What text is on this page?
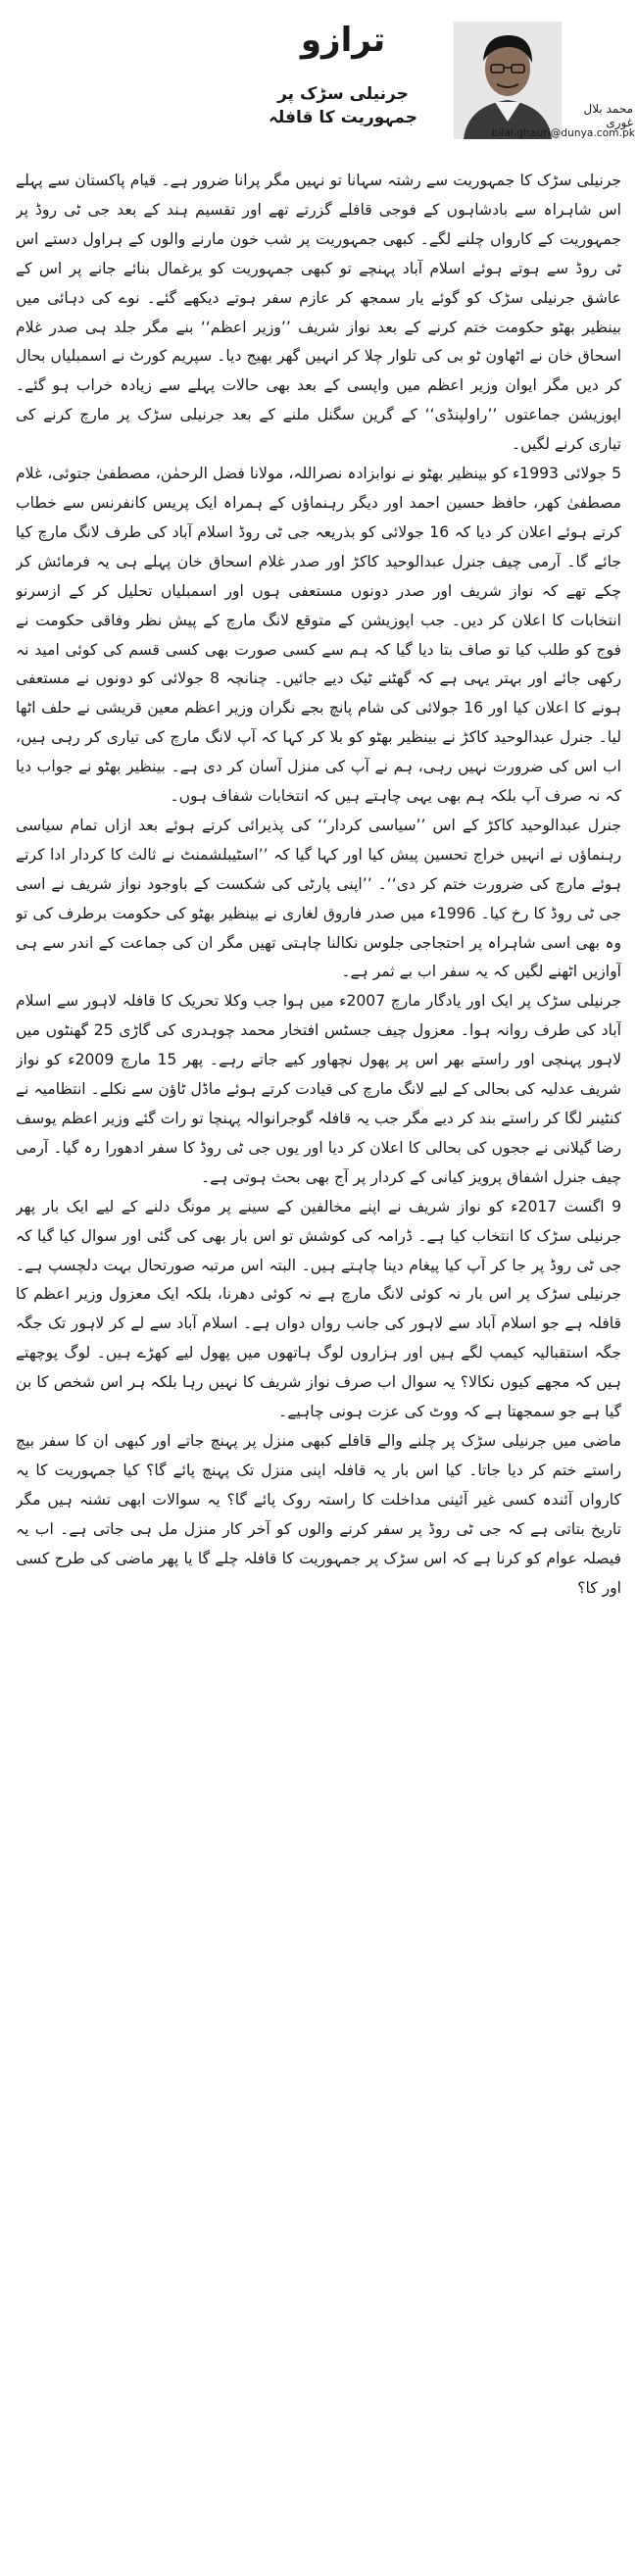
ترازو
جرنیلی سڑک پر جمہوریت کا قافلہ	محمد بلال غوری
bilal.ghauri@dunya.com.pk

جرنیلی سڑک کا جمہوریت سے رشتہ سہانا تو نہیں مگر پرانا ضرور ہے۔ قیام پاکستان سے پہلے اس شاہراہ سے بادشاہوں کے فوجی قافلے گزرتے تھے اور تقسیم ہند کے بعد جی ٹی روڈ پر جمہوریت کے کارواں چلنے لگے۔ کبھی جمہوریت پر شب خون مارنے والوں کے ہراول دستے اس ٹی روڈ سے ہوتے ہوئے اسلام آباد پہنچے تو کبھی جمہوریت کو یرغمال بنائے جانے پر اس کے عاشق جرنیلی سڑک کو گوئے یار سمجھ کر عازم سفر ہوتے دیکھے گئے۔ نوے کی دہائی میں بینظیر بھٹو حکومت ختم کرنے کے بعد نواز شریف ’’وزیر اعظم‘‘ بنے مگر جلد ہی صدر غلام اسحاق خان نے اٹھاون ٹو بی کی تلوار چلا کر انہیں گھر بھیج دیا۔ سپریم کورٹ نے اسمبلیاں بحال کر دیں مگر ایوان وزیر اعظم میں واپسی کے بعد بھی حالات پہلے سے زیادہ خراب ہو گئے۔ اپوزیشن جماعتوں ’’راولپنڈی‘‘ کے گرین سگنل ملنے کے بعد جرنیلی سڑک پر مارچ کرنے کی تیاری کرنے لگیں۔

5 جولائی 1993ء کو بینظیر بھٹو نے نوابزادہ نصراللہ، مولانا فضل الرحمٰن، مصطفیٰ جتوئی، غلام مصطفیٰ کھر، حافظ حسین احمد اور دیگر رہنماؤں کے ہمراہ ایک پریس کانفرنس سے خطاب کرتے ہوئے اعلان کر دیا کہ 16 جولائی کو بذریعہ جی ٹی روڈ اسلام آباد کی طرف لانگ مارچ کیا جائے گا۔ آرمی چیف جنرل عبدالوحید کاکڑ اور صدر غلام اسحاق خان پہلے ہی یہ فرمائش کر چکے تھے کہ نواز شریف اور صدر دونوں مستعفی ہوں اور اسمبلیاں تحلیل کر کے ازسرنو انتخابات کا اعلان کر دیں۔ جب اپوزیشن کے متوقع لانگ مارچ کے پیش نظر وفاقی حکومت نے فوج کو طلب کیا تو صاف بتا دیا گیا کہ ہم سے کسی صورت بھی کسی قسم کی کوئی امید نہ رکھی جائے اور بہتر یہی ہے کہ گھٹنے ٹیک دیے جائیں۔ چنانچہ 8 جولائی کو دونوں نے مستعفی ہونے کا اعلان کیا اور 16 جولائی کی شام پانچ بجے نگران وزیر اعظم معین قریشی نے حلف اٹھا لیا۔ جنرل عبدالوحید کاکڑ نے بینظیر بھٹو کو بلا کر کہا کہ آپ لانگ مارچ کی تیاری کر رہی ہیں، اب اس کی ضرورت نہیں رہی، ہم نے آپ کی منزل آسان کر دی ہے۔ بینظیر بھٹو نے جواب دیا کہ نہ صرف آپ بلکہ ہم بھی یہی چاہتے ہیں کہ انتخابات شفاف ہوں۔

جنرل عبدالوحید کاکڑ کے اس ’’سیاسی کردار‘‘ کی پذیرائی کرتے ہوئے بعد ازاں تمام سیاسی رہنماؤں نے انہیں خراج تحسین پیش کیا اور کہا گیا کہ ’’اسٹیبلشمنٹ نے ثالث کا کردار ادا کرتے ہوئے مارچ کی ضرورت ختم کر دی‘‘۔ ’’اپنی پارٹی کی شکست کے باوجود نواز شریف نے اسی جی ٹی روڈ کا رخ کیا۔ 1996ء میں صدر فاروق لغاری نے بینظیر بھٹو کی حکومت برطرف کی تو وہ بھی اسی شاہراہ پر احتجاجی جلوس نکالنا چاہتی تھیں مگر ان کی جماعت کے اندر سے ہی آوازیں اٹھنے لگیں کہ یہ سفر اب بے ثمر ہے۔

جرنیلی سڑک پر ایک اور یادگار مارچ 2007ء میں ہوا جب وکلا تحریک کا قافلہ لاہور سے اسلام آباد کی طرف روانہ ہوا۔ معزول چیف جسٹس افتخار محمد چوہدری کی گاڑی 25 گھنٹوں میں لاہور پہنچی اور راستے بھر اس پر پھول نچھاور کیے جاتے رہے۔ پھر 15 مارچ 2009ء کو نواز شریف عدلیہ کی بحالی کے لیے لانگ مارچ کی قیادت کرتے ہوئے ماڈل ٹاؤن سے نکلے۔ انتظامیہ نے کنٹینر لگا کر راستے بند کر دیے مگر جب یہ قافلہ گوجرانوالہ پہنچا تو رات گئے وزیر اعظم یوسف رضا گیلانی نے ججوں کی بحالی کا اعلان کر دیا اور یوں جی ٹی روڈ کا سفر ادھورا رہ گیا۔ آرمی چیف جنرل اشفاق پرویز کیانی کے کردار پر آج بھی بحث ہوتی ہے۔

9 اگست 2017ء کو نواز شریف نے اپنے مخالفین کے سینے پر مونگ دلنے کے لیے ایک بار پھر جرنیلی سڑک کا انتخاب کیا ہے۔ ڈرامہ کی کوشش تو اس بار بھی کی گئی اور سوال کیا گیا کہ جی ٹی روڈ پر جا کر آپ کیا پیغام دینا چاہتے ہیں۔ البتہ اس مرتبہ صورتحال بہت دلچسپ ہے۔ جرنیلی سڑک پر اس بار نہ کوئی لانگ مارچ ہے نہ کوئی دھرنا، بلکہ ایک معزول وزیر اعظم کا قافلہ ہے جو اسلام آباد سے لاہور کی جانب رواں دواں ہے۔ اسلام آباد سے لے کر لاہور تک جگہ جگہ استقبالیہ کیمپ لگے ہیں اور ہزاروں لوگ ہاتھوں میں پھول لیے کھڑے ہیں۔ لوگ پوچھتے ہیں کہ مجھے کیوں نکالا؟ یہ سوال اب صرف نواز شریف کا نہیں رہا بلکہ ہر اس شخص کا بن گیا ہے جو سمجھتا ہے کہ ووٹ کی عزت ہونی چاہیے۔

ماضی میں جرنیلی سڑک پر چلنے والے قافلے کبھی منزل پر پہنچ جاتے اور کبھی ان کا سفر بیچ راستے ختم کر دیا جاتا۔ کیا اس بار یہ قافلہ اپنی منزل تک پہنچ پائے گا؟ کیا جمہوریت کا یہ کارواں آئندہ کسی غیر آئینی مداخلت کا راستہ روک پائے گا؟ یہ سوالات ابھی تشنہ ہیں مگر تاریخ بتاتی ہے کہ جی ٹی روڈ پر سفر کرنے والوں کو آخر کار منزل مل ہی جاتی ہے۔ اب یہ فیصلہ عوام کو کرنا ہے کہ اس سڑک پر جمہوریت کا قافلہ چلے گا یا پھر ماضی کی طرح کسی اور کا؟
